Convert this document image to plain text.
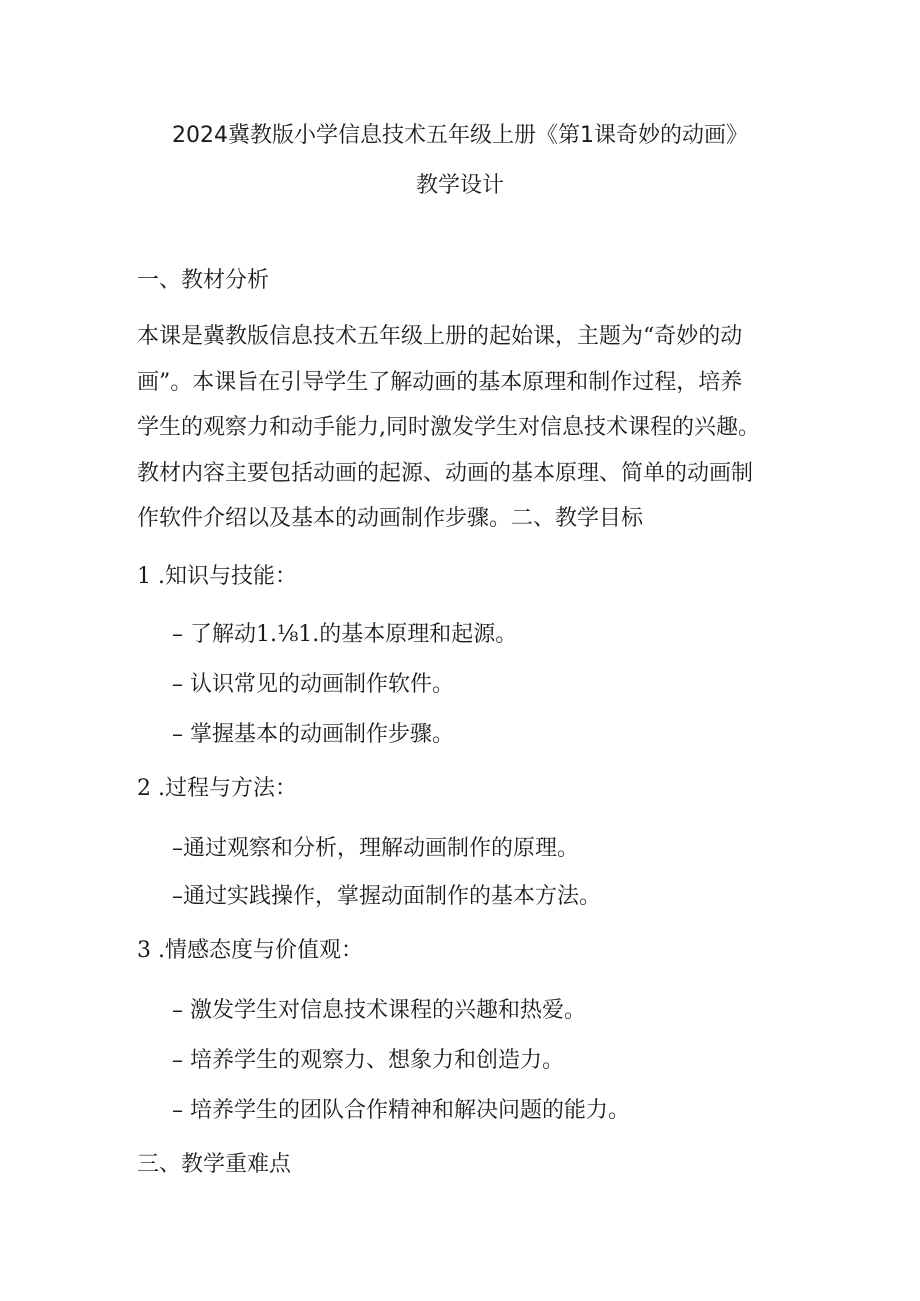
2024冀教版小学信息技术五年级上册《第1课奇妙的动画》
教学设计
一、教材分析
本课是冀教版信息技术五年级上册的起始课，主题为“奇妙的动
画”。本课旨在引导学生了解动画的基本原理和制作过程，培养
学生的观察力和动手能力,同时激发学生对信息技术课程的兴趣。
教材内容主要包括动画的起源、动画的基本原理、简单的动画制
作软件介绍以及基本的动画制作步骤。二、教学目标
1 .知识与技能：
– 了解动1.⅛1.的基本原理和起源。
– 认识常见的动画制作软件。
– 掌握基本的动画制作步骤。
2 .过程与方法：
–通过观察和分析，理解动画制作的原理。
–通过实践操作，掌握动面制作的基本方法。
3 .情感态度与价值观：
– 激发学生对信息技术课程的兴趣和热爱。
– 培养学生的观察力、想象力和创造力。
– 培养学生的团队合作精神和解决问题的能力。
三、教学重难点
